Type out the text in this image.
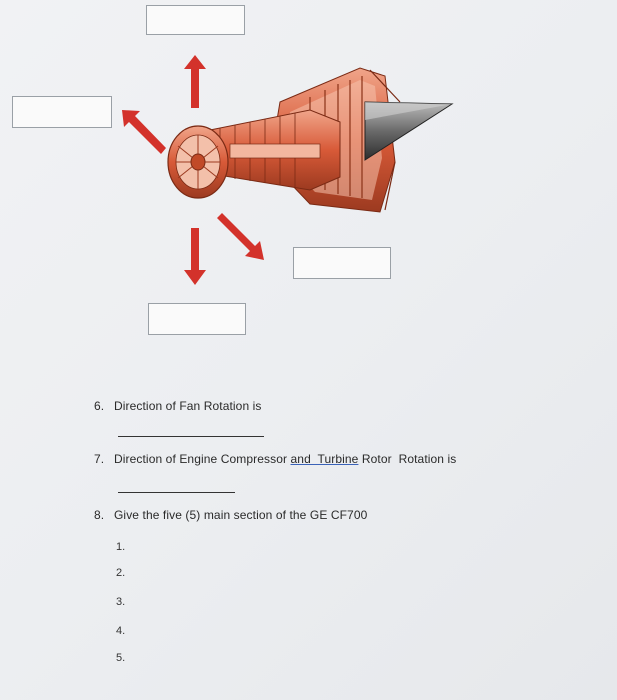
6. Direction of Fan Rotation is
7. Direction of Engine Compressor and  Turbine Rotor  Rotation is
8. Give the five (5) main section of the GE CF700
1.
2.
3.
4.
5.
